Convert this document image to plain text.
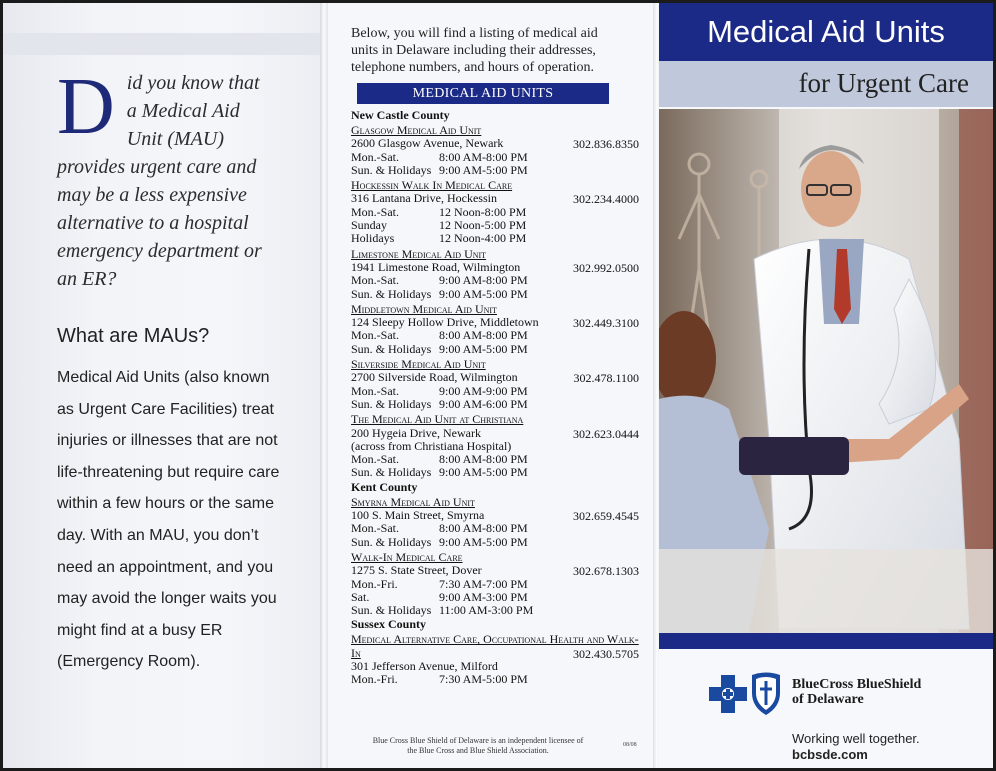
Did you know that a Medical Aid Unit (MAU) provides urgent care and may be a less expensive alternative to a hospital emergency department or an ER?
What are MAUs?
Medical Aid Units (also known as Urgent Care Facilities) treat injuries or illnesses that are not life-threatening but require care within a few hours or the same day. With an MAU, you don’t need an appointment, and you may avoid the longer waits you might find at a busy ER (Emergency Room).
Below, you will find a listing of medical aid units in Delaware including their addresses, telephone numbers, and hours of operation.
MEDICAL AID UNITS
New Castle County
Glasgow Medical Aid Unit
2600 Glasgow Avenue, Newark	302.836.8350
Mon.-Sat.	8:00 AM-8:00 PM
Sun. & Holidays 9:00 AM-5:00 PM
Hockessin Walk In Medical Care
316 Lantana Drive, Hockessin	302.234.4000
Mon.-Sat.	12 Noon-8:00 PM
Sunday	12 Noon-5:00 PM
Holidays	12 Noon-4:00 PM
Limestone Medical Aid Unit
1941 Limestone Road, Wilmington	302.992.0500
Mon.-Sat.	9:00 AM-8:00 PM
Sun. & Holidays 9:00 AM-5:00 PM
Middletown Medical Aid Unit
124 Sleepy Hollow Drive, Middletown	302.449.3100
Mon.-Sat.	8:00 AM-8:00 PM
Sun. & Holidays 9:00 AM-5:00 PM
Silverside Medical Aid Unit
2700 Silverside Road, Wilmington	302.478.1100
Mon.-Sat.	9:00 AM-9:00 PM
Sun. & Holidays 9:00 AM-6:00 PM
The Medical Aid Unit at Christiana
200 Hygeia Drive, Newark
(across from Christiana Hospital)
302.623.0444
Mon.-Sat.	8:00 AM-8:00 PM
Sun. & Holidays 9:00 AM-5:00 PM
Kent County
Smyrna Medical Aid Unit
100 S. Main Street, Smyrna	302.659.4545
Mon.-Sat.	8:00 AM-8:00 PM
Sun. & Holidays 9:00 AM-5:00 PM
Walk-In Medical Care
1275 S. State Street, Dover	302.678.1303
Mon.-Fri.	7:30 AM-7:00 PM
Sat.	9:00 AM-3:00 PM
Sun. & Holidays 11:00 AM-3:00 PM
Sussex County
Medical Alternative Care, Occupational Health and Walk-In
301 Jefferson Avenue, Milford
302.430.5705
Mon.-Fri.	7:30 AM-5:00 PM
Blue Cross Blue Shield of Delaware is an independent licensee of the Blue Cross and Blue Shield Association.
08/08
Medical Aid Units
for Urgent Care
BlueCross BlueShield
of Delaware
Working well together.
bcbsde.com
